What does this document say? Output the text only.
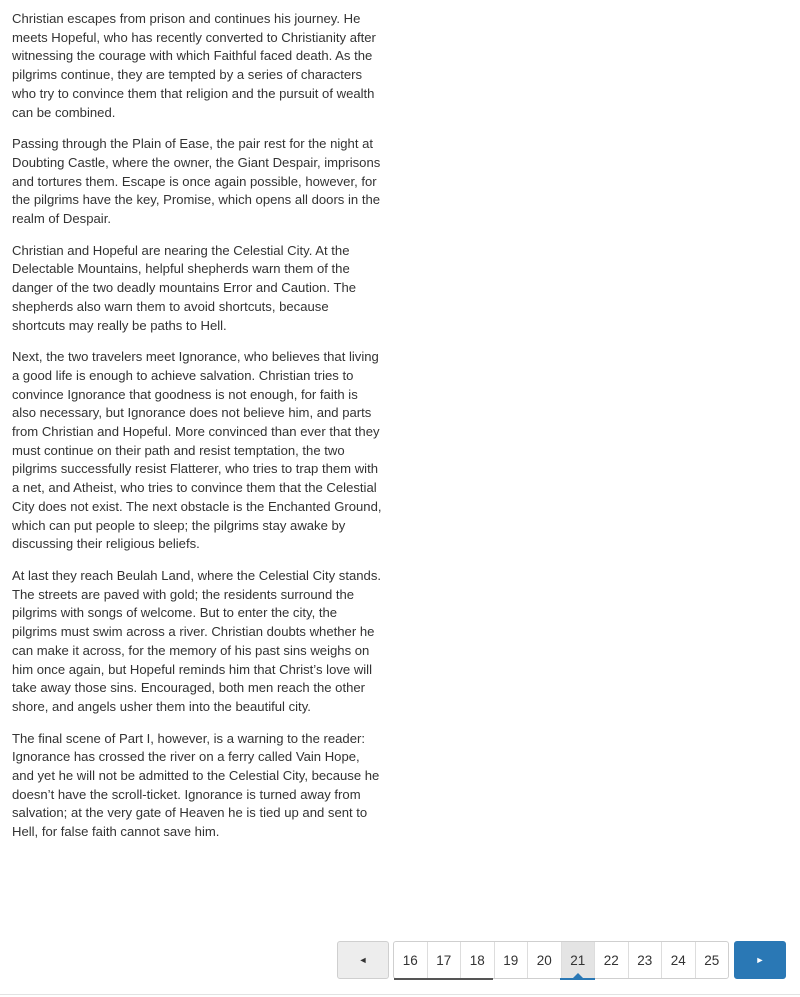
Christian escapes from prison and continues his journey. He meets Hopeful, who has recently converted to Christianity after witnessing the courage with which Faithful faced death. As the pilgrims continue, they are tempted by a series of characters who try to convince them that religion and the pursuit of wealth can be combined.

Passing through the Plain of Ease, the pair rest for the night at Doubting Castle, where the owner, the Giant Despair, imprisons and tortures them. Escape is once again possible, however, for the pilgrims have the key, Promise, which opens all doors in the realm of Despair.

Christian and Hopeful are nearing the Celestial City. At the Delectable Mountains, helpful shepherds warn them of the danger of the two deadly mountains Error and Caution. The shepherds also warn them to avoid shortcuts, because shortcuts may really be paths to Hell.

Next, the two travelers meet Ignorance, who believes that living a good life is enough to achieve salvation. Christian tries to convince Ignorance that goodness is not enough, for faith is also necessary, but Ignorance does not believe him, and parts from Christian and Hopeful. More convinced than ever that they must continue on their path and resist temptation, the two pilgrims successfully resist Flatterer, who tries to trap them with a net, and Atheist, who tries to convince them that the Celestial City does not exist. The next obstacle is the Enchanted Ground, which can put people to sleep; the pilgrims stay awake by discussing their religious beliefs.

At last they reach Beulah Land, where the Celestial City stands. The streets are paved with gold; the residents surround the pilgrims with songs of welcome. But to enter the city, the pilgrims must swim across a river. Christian doubts whether he can make it across, for the memory of his past sins weighs on him once again, but Hopeful reminds him that Christ’s love will take away those sins. Encouraged, both men reach the other shore, and angels usher them into the beautiful city.

The final scene of Part I, however, is a warning to the reader: Ignorance has crossed the river on a ferry called Vain Hope, and yet he will not be admitted to the Celestial City, because he doesn’t have the scroll-ticket. Ignorance is turned away from salvation; at the very gate of Heaven he is tied up and sent to Hell, for false faith cannot save him.

◄	16	17	18	19	20	21	22	23	24	25	►
